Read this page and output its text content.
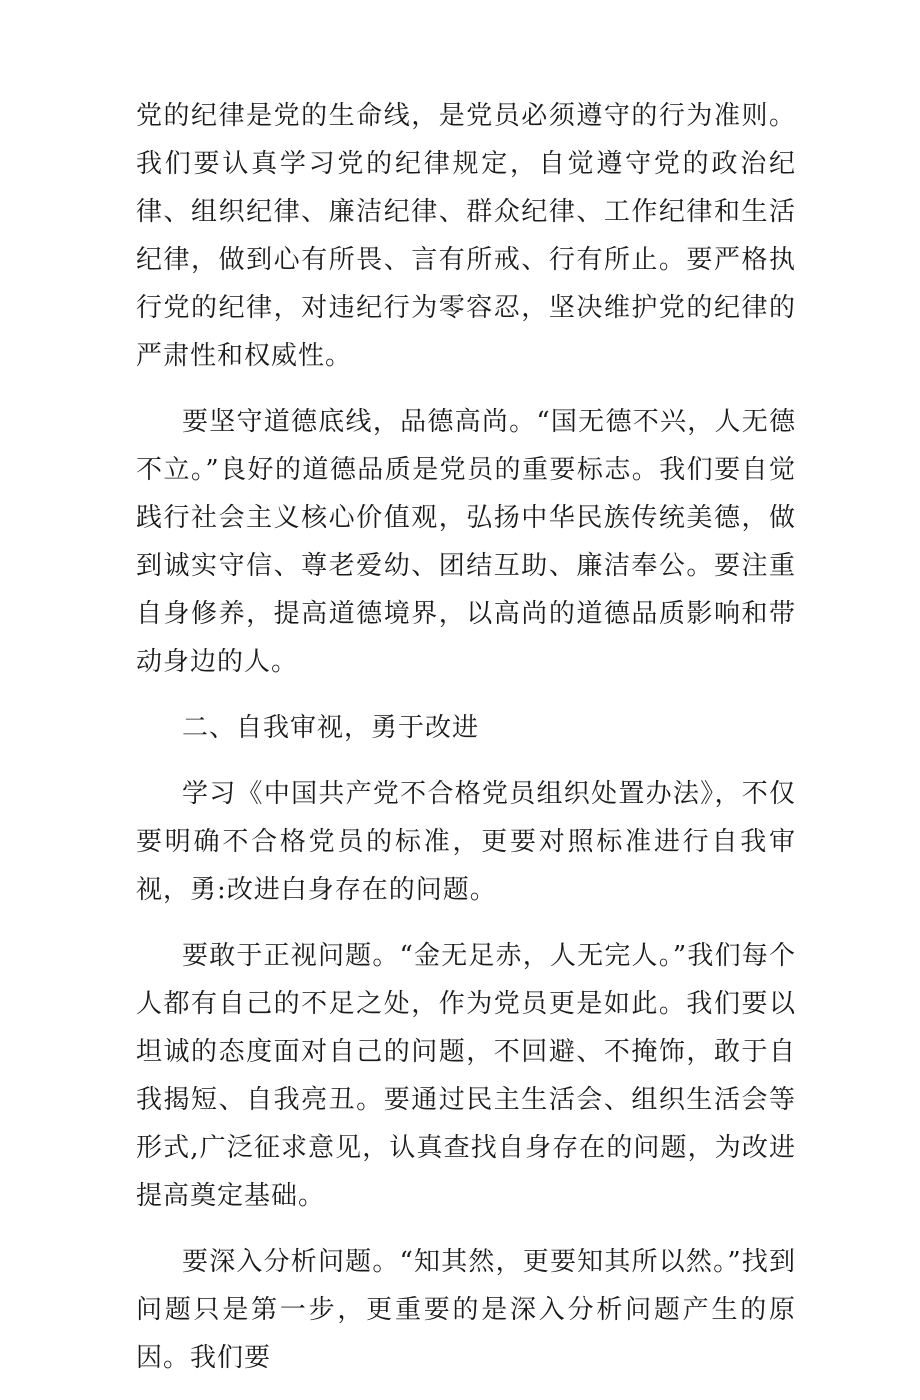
党的纪律是党的生命线，是党员必须遵守的行为准则。我们要认真学习党的纪律规定，自觉遵守党的政治纪律、组织纪律、廉洁纪律、群众纪律、工作纪律和生活纪律，做到心有所畏、言有所戒、行有所止。要严格执行党的纪律，对违纪行为零容忍，坚决维护党的纪律的严肃性和权威性。

要坚守道德底线，品德高尚。“国无德不兴，人无德不立。”良好的道德品质是党员的重要标志。我们要自觉践行社会主义核心价值观，弘扬中华民族传统美德，做到诚实守信、尊老爱幼、团结互助、廉洁奉公。要注重自身修养，提高道德境界，以高尚的道德品质影响和带动身边的人。

二、自我审视，勇于改进

学习《中国共产党不合格党员组织处置办法》，不仅要明确不合格党员的标准，更要对照标准进行自我审视，勇:改进白身存在的问题。

要敢于正视问题。“金无足赤，人无完人。”我们每个人都有自己的不足之处，作为党员更是如此。我们要以坦诚的态度面对自己的问题，不回避、不掩饰，敢于自我揭短、自我亮丑。要通过民主生活会、组织生活会等形式,广泛征求意见，认真查找自身存在的问题，为改进提高奠定基础。

要深入分析问题。“知其然，更要知其所以然。”找到问题只是第一步，更重要的是深入分析问题产生的原因。我们要
